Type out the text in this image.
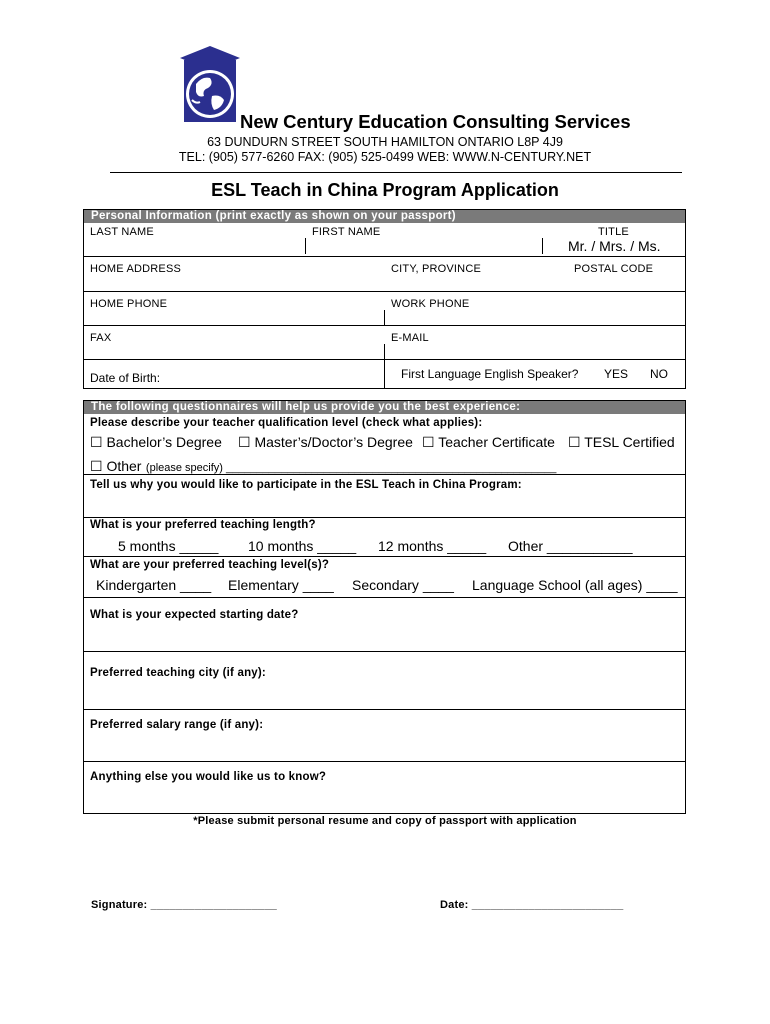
New Century Education Consulting Services
63 DUNDURN STREET SOUTH HAMILTON ONTARIO L8P 4J9
TEL: (905) 577-6260 FAX: (905) 525-0499 WEB: WWW.N-CENTURY.NET
ESL Teach in China Program Application
Personal Information (print exactly as shown on your passport)
LAST NAME	FIRST NAME	TITLE
Mr. / Mrs. / Ms.
HOME ADDRESS	CITY, PROVINCE	POSTAL CODE
HOME PHONE	WORK PHONE
FAX	E-MAIL
Date of Birth:	First Language English Speaker? YES NO
The following questionnaires will help us provide you the best experience:
Please describe your teacher qualification level (check what applies):
☐ Bachelor’s Degree ☐ Master’s/Doctor’s Degree ☐ Teacher Certificate ☐ TESL Certified
☐ Other (please specify) ______________________________________________________
Tell us why you would like to participate in the ESL Teach in China Program:
What is your preferred teaching length?
5 months _____ 10 months _____ 12 months _____ Other ___________
What are your preferred teaching level(s)?
Kindergarten ____ Elementary ____ Secondary ____ Language School (all ages) ____
What is your expected starting date?
Preferred teaching city (if any):
Preferred salary range (if any):
Anything else you would like us to know?
*Please submit personal resume and copy of passport with application
Signature: ____________________	Date: ________________________
